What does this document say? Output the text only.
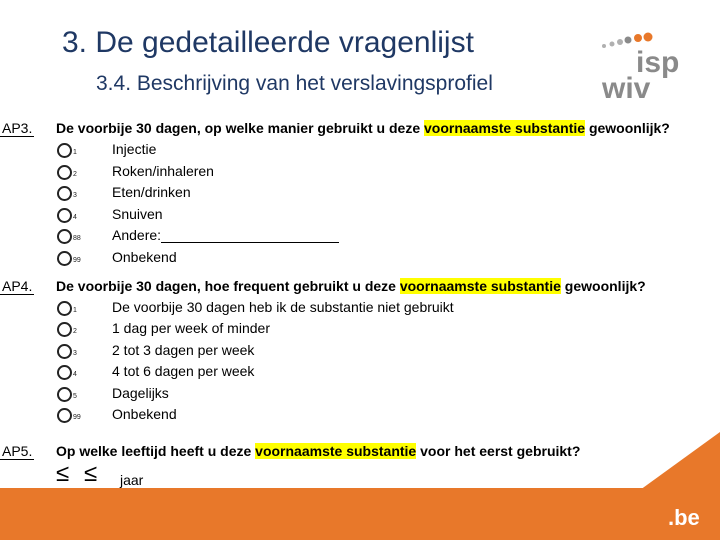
3. De gedetailleerde vragenlijst
3.4. Beschrijving van het verslavingsprofiel
isp
wiv
AP3. De voorbije 30 dagen, op welke manier gebruikt u deze voornaamste substantie gewoonlijk?
1	Injectie
2	Roken/inhaleren
3	Eten/drinken
4	Snuiven
88 Andere:
99 Onbekend
AP4. De voorbije 30 dagen, hoe frequent gebruikt u deze voornaamste substantie gewoonlijk?
1	De voorbije 30 dagen heb ik de substantie niet gebruikt
2	1 dag per week of minder
3	2 tot 3 dagen per week
4	4 tot 6 dagen per week
5	Dagelijks
99 Onbekend
.be
AP5. Op welke leeftijd heeft u deze voornaamste substantie voor het eerst gebruikt?
≤ ≤ jaar
